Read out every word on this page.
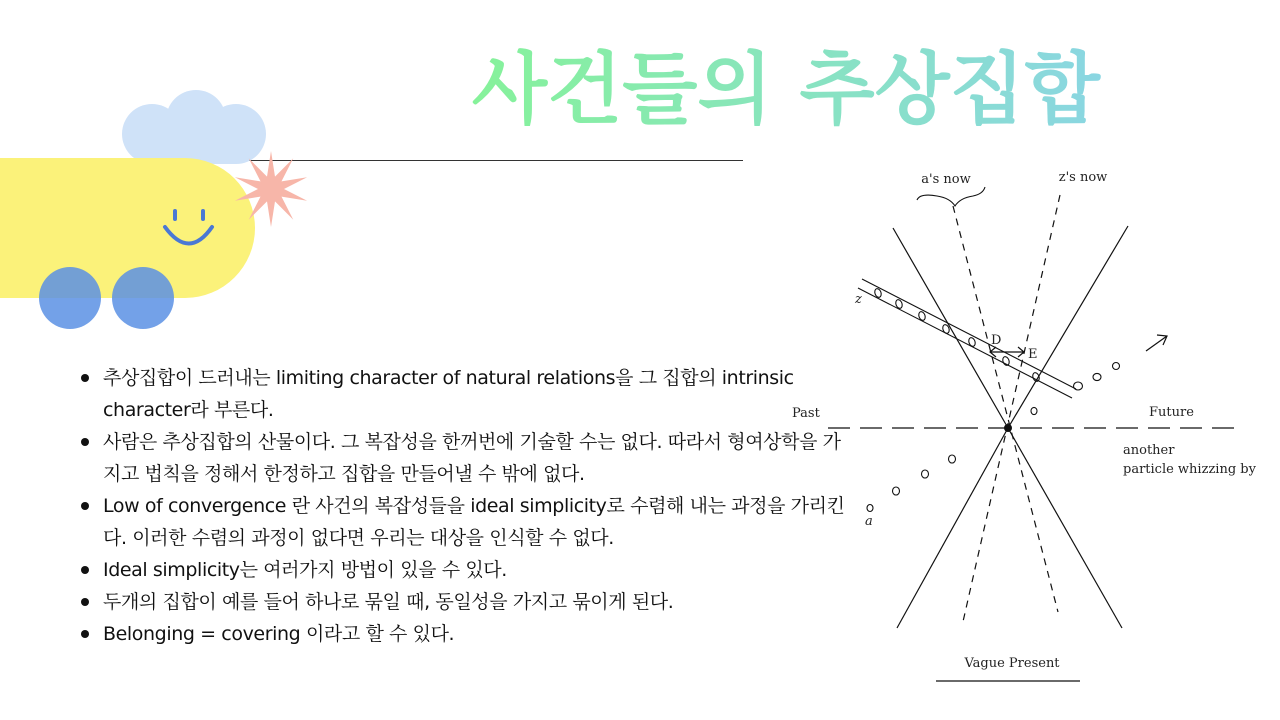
사건들의 추상집합
추상집합이 드러내는 limiting character of natural relations을 그 집합의 intrinsic character라 부른다.
사람은 추상집합의 산물이다. 그 복잡성을 한꺼번에 기술할 수는 없다. 따라서 형여상학을 가지고 법칙을 정해서 한정하고 집합을 만들어낼 수 밖에 없다.
Low of convergence 란 사건의 복잡성들을 ideal simplicity로 수렴해 내는 과정을 가리킨다. 이러한 수렴의 과정이 없다면 우리는 대상을 인식할 수 없다.
Ideal simplicity는 여러가지 방법이 있을 수 있다.
두개의 집합이 예를 들어 하나로 묶일 때, 동일성을 가지고 묶이게 된다.
Belonging = covering 이라고 할 수 있다.
a's now	z's now
Past	Future
another
particle whizzing by
Vague Present
D
E
z
a
